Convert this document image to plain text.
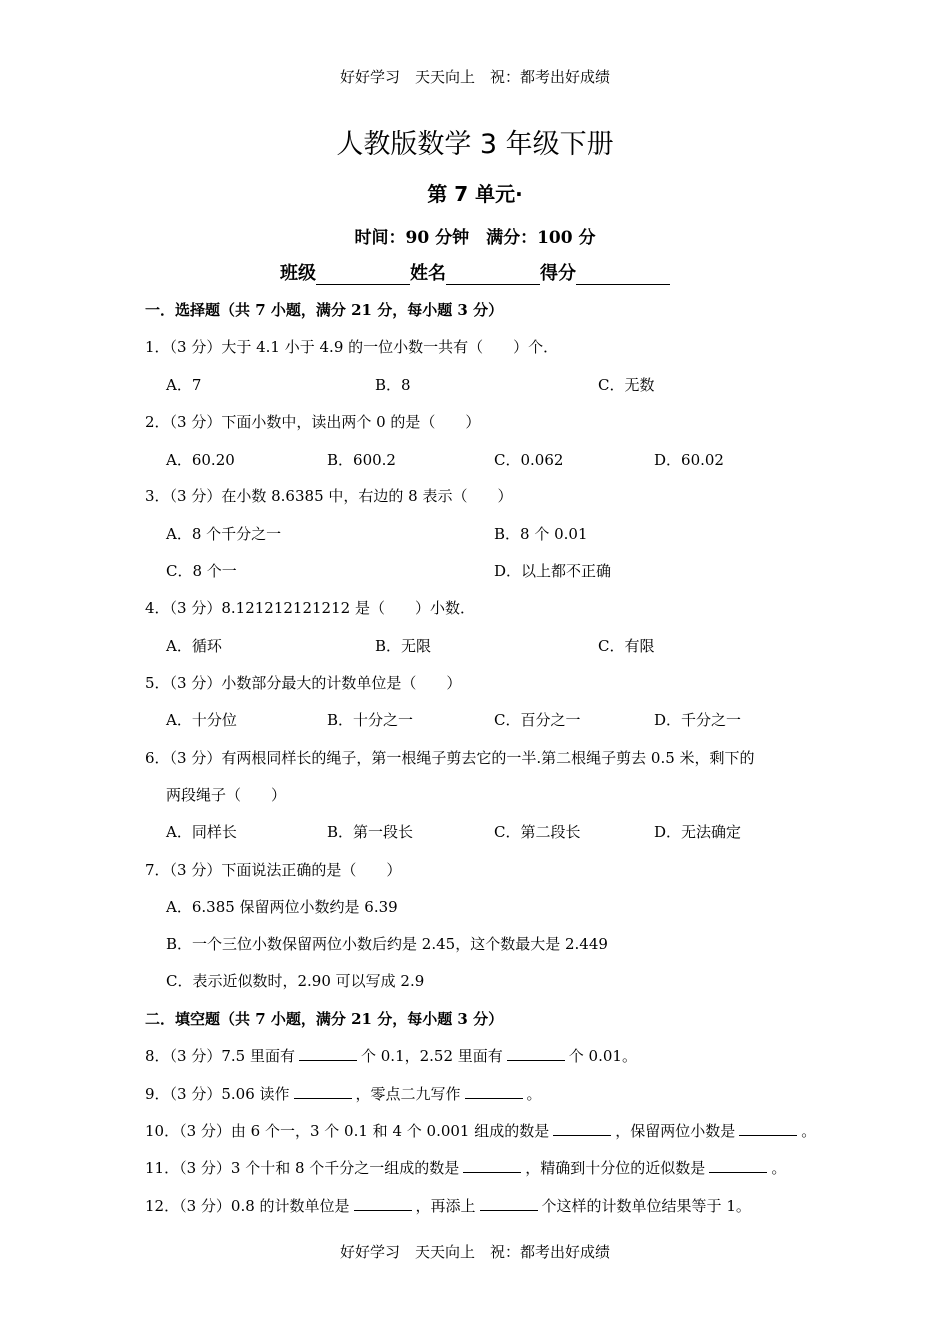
好好学习　天天向上　祝：都考出好成绩
人教版数学 3 年级下册
第 7 单元·
时间：90 分钟　满分：100 分
班级	姓名	得分
一．选择题（共 7 小题，满分 21 分，每小题 3 分）
1．（3 分）大于 4.1 小于 4.9 的一位小数一共有（　　）个．
A．7	B．8	C．无数
2．（3 分）下面小数中，读出两个 0 的是（　　）
A．60.20	B．600.2	C．0.062	D．60.02
3．（3 分）在小数 8.6385 中，右边的 8 表示（　　）
A．8 个千分之一	B．8 个 0.01
C．8 个一	D．以上都不正确
4．（3 分）8.121212121212 是（　　）小数．
A．循环	B．无限	C．有限
5．（3 分）小数部分最大的计数单位是（　　）
A．十分位	B．十分之一	C．百分之一	D．千分之一
6．（3 分）有两根同样长的绳子，第一根绳子剪去它的一半.第二根绳子剪去 0.5 米，剩下的
两段绳子（　　）
A．同样长	B．第一段长	C．第二段长	D．无法确定
7．（3 分）下面说法正确的是（　　）
A．6.385 保留两位小数约是 6.39
B．一个三位小数保留两位小数后约是 2.45，这个数最大是 2.449
C．表示近似数时，2.90 可以写成 2.9
二．填空题（共 7 小题，满分 21 分，每小题 3 分）
8．（3 分）7.5 里面有	个 0.1，2.52 里面有	个 0.01。
9．（3 分）5.06 读作	，零点二九写作	。
10．（3 分）由 6 个一，3 个 0.1 和 4 个 0.001 组成的数是	，保留两位小数是	。
11．（3 分）3 个十和 8 个千分之一组成的数是	，精确到十分位的近似数是	。
12．（3 分）0.8 的计数单位是	，再添上	个这样的计数单位结果等于 1。
好好学习　天天向上　祝：都考出好成绩
